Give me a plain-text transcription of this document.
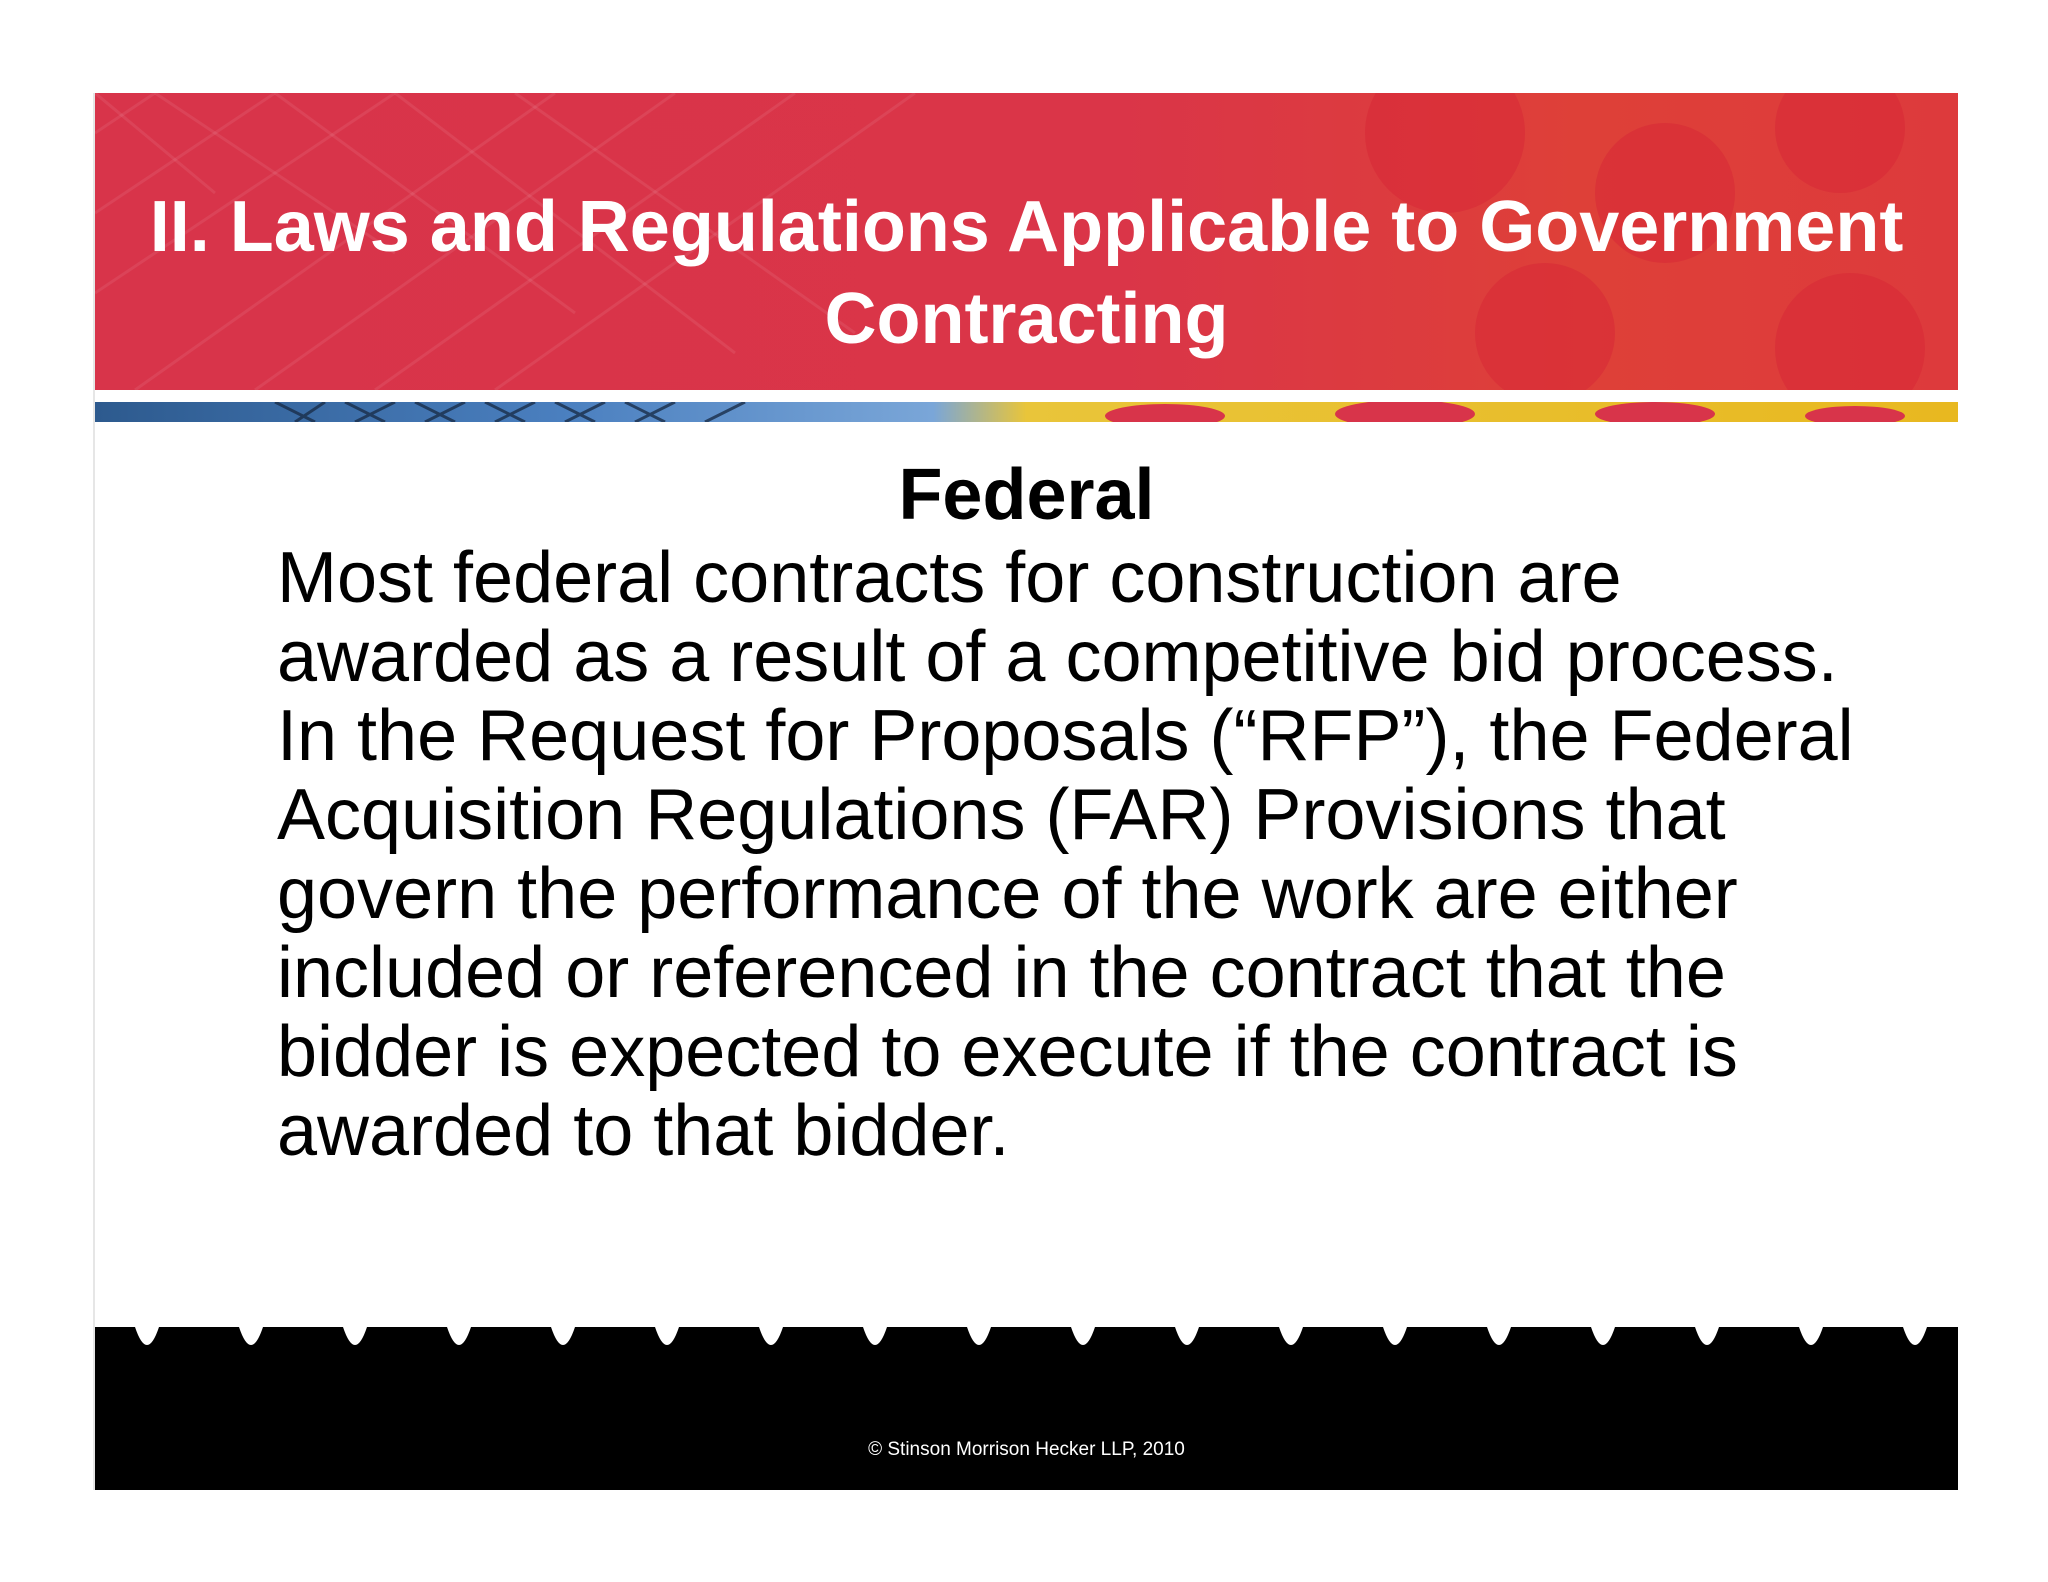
II. Laws and Regulations Applicable to Government Contracting
Federal

Most federal contracts for construction are awarded as a result of a competitive bid process. In the Request for Proposals (“RFP”), the Federal Acquisition Regulations (FAR) Provisions that govern the performance of the work are either included or referenced in the contract that the bidder is expected to execute if the contract is awarded to that bidder.

© Stinson Morrison Hecker LLP, 2010
